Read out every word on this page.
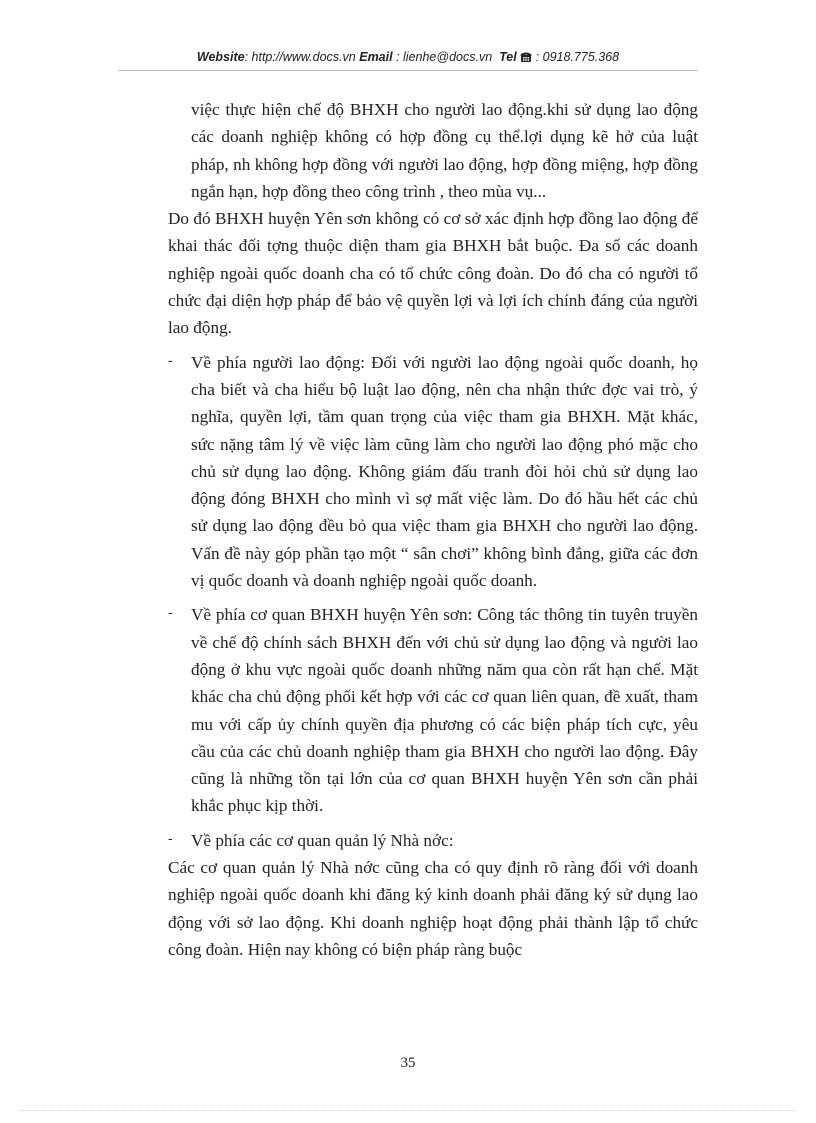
Website: http://www.docs.vn Email : lienhe@docs.vn Tel : 0918.775.368

việc thực hiện chế độ BHXH cho người lao động.khi sử dụng lao động các doanh nghiệp không có hợp đồng cụ thể.lợi dụng kẽ hở của luật pháp, nh không hợp đồng với người lao động, hợp đồng miệng, hợp đồng ngắn hạn, hợp đồng theo công trình , theo mùa vụ...

Do đó BHXH huyện Yên sơn không có cơ sở xác định hợp đồng lao động để khai thác đối tợng thuộc diện tham gia BHXH bắt buộc. Đa số các doanh nghiệp ngoài quốc doanh cha có tổ chức công đoàn. Do đó cha có người tổ chức đại diện hợp pháp để bảo vệ quyền lợi và lợi ích chính đáng của người lao động.

- Về phía người lao động: Đối với người lao động ngoài quốc doanh, họ cha biết và cha hiểu bộ luật lao động, nên cha nhận thức đợc vai trò, ý nghĩa, quyền lợi, tầm quan trọng của việc tham gia BHXH. Mặt khác, sức nặng tâm lý về việc làm cũng làm cho người lao động phó mặc cho chủ sử dụng lao động. Không giám đấu tranh đòi hỏi chủ sử dụng lao động đóng BHXH cho mình vì sợ mất việc làm. Do đó hầu hết các chủ sử dụng lao động đều bỏ qua việc tham gia BHXH cho người lao động. Vấn đề này góp phần tạo một “ sân chơi” không bình đẳng, giữa các đơn vị quốc doanh và doanh nghiệp ngoài quốc doanh.

- Về phía cơ quan BHXH huyện Yên sơn: Công tác thông tin tuyên truyền về chế độ chính sách BHXH đến với chủ sử dụng lao động và người lao động ở khu vực ngoài quốc doanh những năm qua còn rất hạn chế. Mặt khác cha chủ động phối kết hợp với các cơ quan liên quan, đề xuất, tham mu với cấp ủy chính quyền địa phương có các biện pháp tích cực, yêu cầu của các chủ doanh nghiệp tham gia BHXH cho người lao động. Đây cũng là những tồn tại lớn của cơ quan BHXH huyện Yên sơn cần phải khắc phục kịp thời.

- Về phía các cơ quan quản lý Nhà nớc:

Các cơ quan quản lý Nhà nớc cũng cha có quy định rõ ràng đối với doanh nghiệp ngoài quốc doanh khi đăng ký kinh doanh phải đăng ký sử dụng lao động với sở lao động. Khi doanh nghiệp hoạt động phải thành lập tổ chức công đoàn. Hiện nay không có biện pháp ràng buộc

35
